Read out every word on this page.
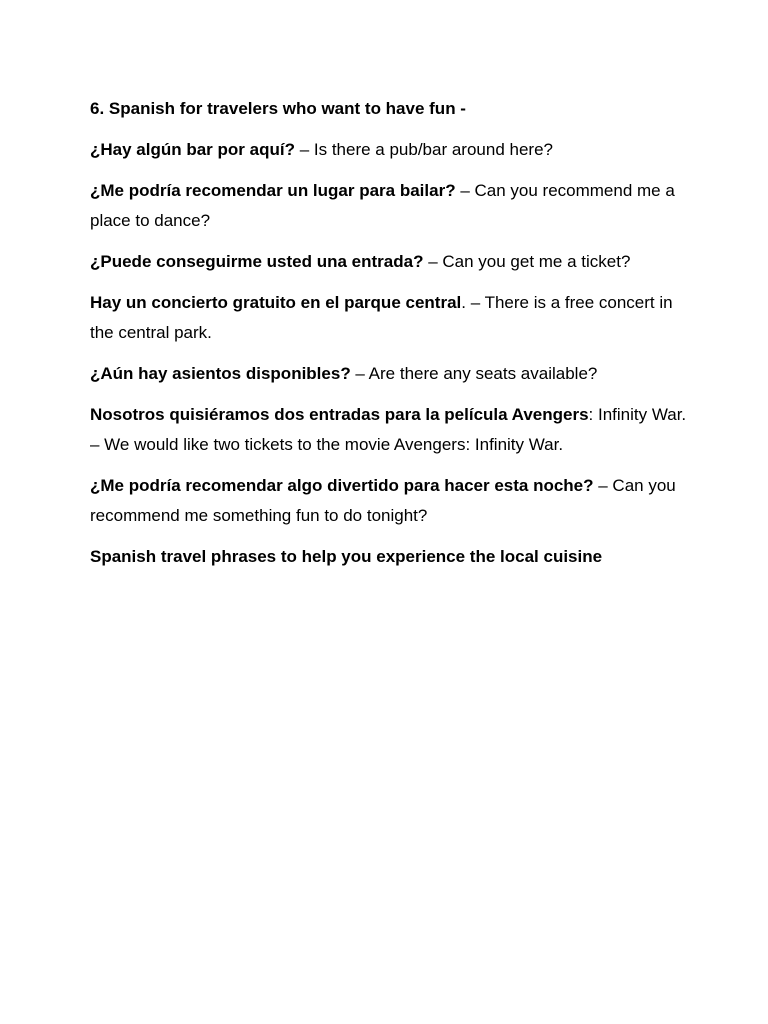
6. Spanish for travelers who want to have fun -

¿Hay algún bar por aquí? – Is there a pub/bar around here?

¿Me podría recomendar un lugar para bailar? – Can you recommend me a place to dance?

¿Puede conseguirme usted una entrada? – Can you get me a ticket?

Hay un concierto gratuito en el parque central. – There is a free concert in the central park.

¿Aún hay asientos disponibles? – Are there any seats available?

Nosotros quisiéramos dos entradas para la película Avengers: Infinity War. – We would like two tickets to the movie Avengers: Infinity War.

¿Me podría recomendar algo divertido para hacer esta noche? – Can you recommend me something fun to do tonight?

Spanish travel phrases to help you experience the local cuisine
